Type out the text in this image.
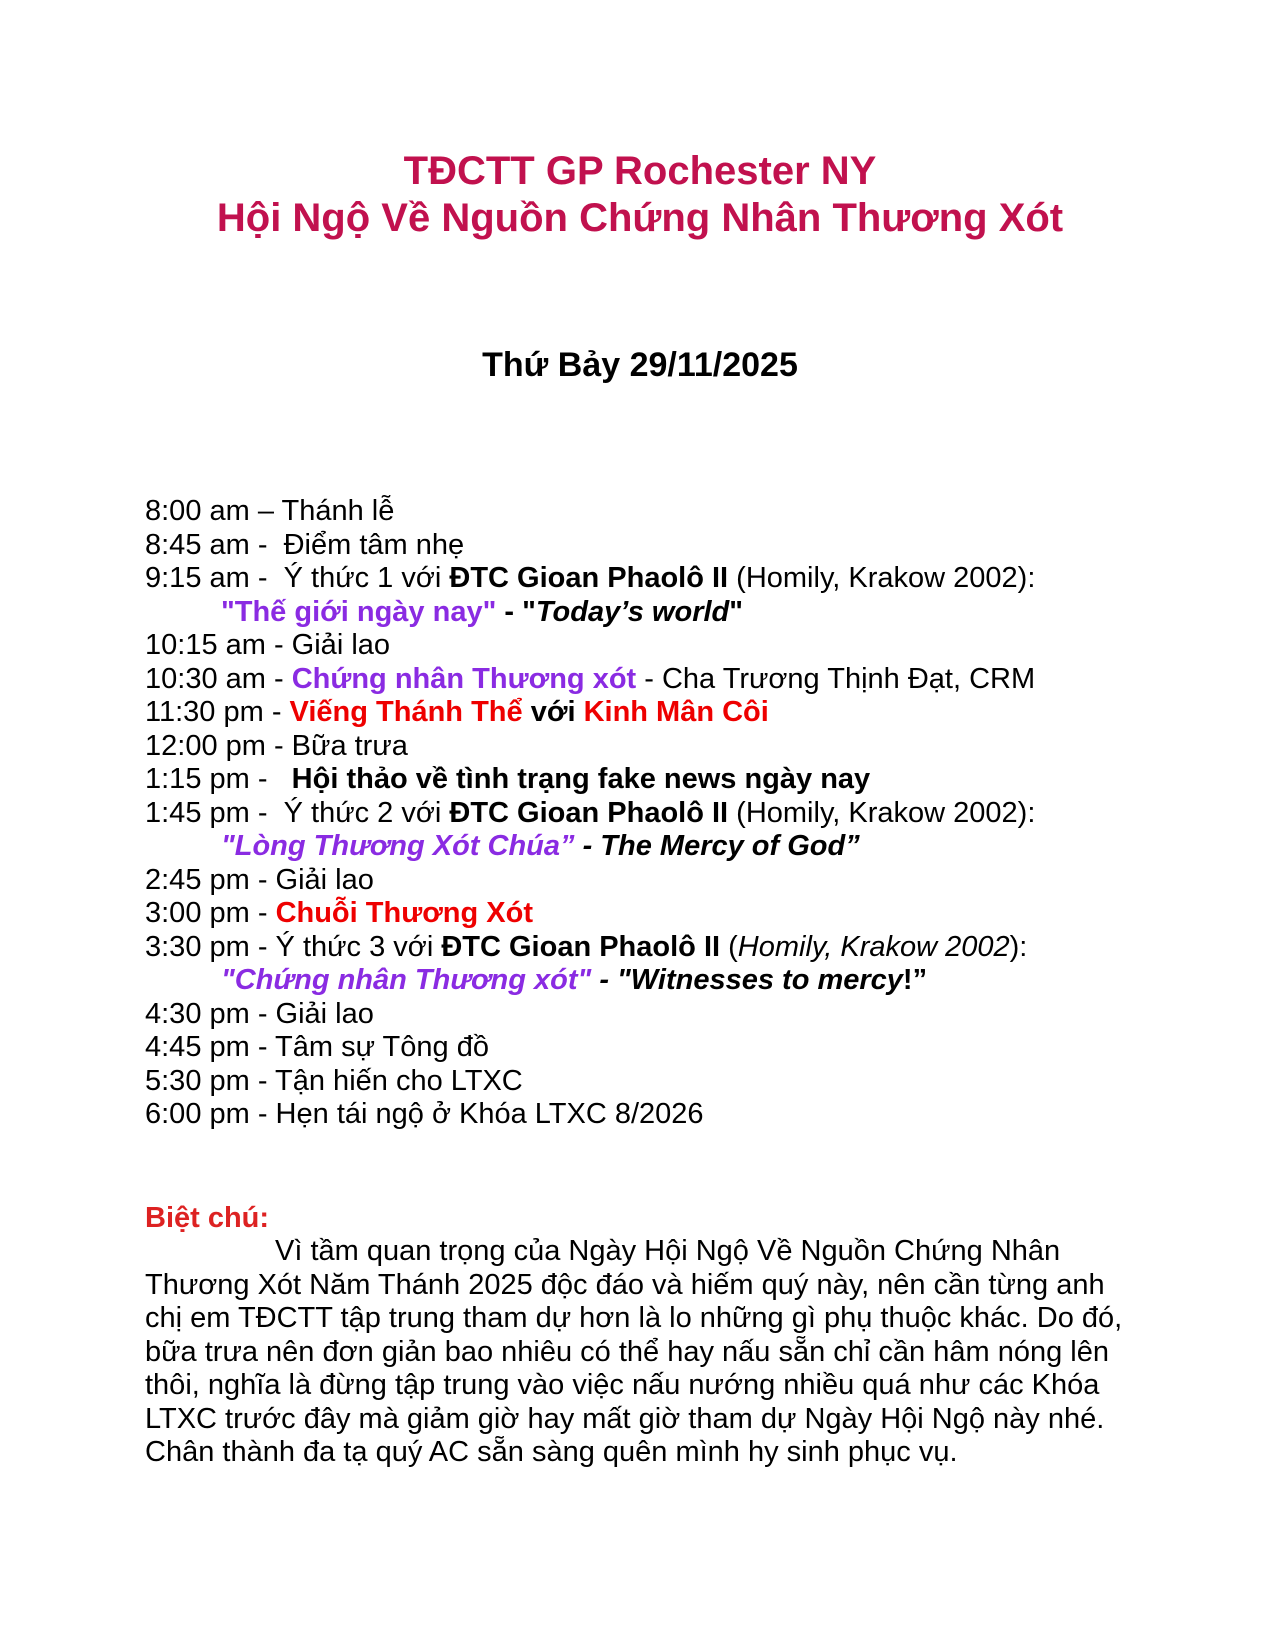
TĐCTT GP Rochester NY
Hội Ngộ Về Nguồn Chứng Nhân Thương Xót
Thứ Bảy 29/11/2025
8:00 am – Thánh lễ
8:45 am -  Điểm tâm nhẹ
9:15 am -  Ý thức 1 với ĐTC Gioan Phaolô II (Homily, Krakow 2002):
"Thế giới ngày nay" - "Today’s world"
10:15 am - Giải lao
10:30 am - Chứng nhân Thương xót - Cha Trương Thịnh Đạt, CRM
11:30 pm - Viếng Thánh Thể với Kinh Mân Côi
12:00 pm - Bữa trưa
1:15 pm -   Hội thảo về tình trạng fake news ngày nay
1:45 pm -  Ý thức 2 với ĐTC Gioan Phaolô II (Homily, Krakow 2002):
"Lòng Thương Xót Chúa” - The Mercy of God”
2:45 pm - Giải lao
3:00 pm - Chuỗi Thương Xót
3:30 pm - Ý thức 3 với ĐTC Gioan Phaolô II (Homily, Krakow 2002):
"Chứng nhân Thương xót" - "Witnesses to mercy!”
4:30 pm - Giải lao
4:45 pm - Tâm sự Tông đồ
5:30 pm - Tận hiến cho LTXC
6:00 pm - Hẹn tái ngộ ở Khóa LTXC 8/2026
Biệt chú:

Vì tầm quan trọng của Ngày Hội Ngộ Về Nguồn Chứng Nhân Thương Xót Năm Thánh 2025 độc đáo và hiếm quý này, nên cần từng anh chị em TĐCTT tập trung tham dự hơn là lo những gì phụ thuộc khác. Do đó, bữa trưa nên đơn giản bao nhiêu có thể hay nấu sẵn chỉ cần hâm nóng lên thôi, nghĩa là đừng tập trung vào việc nấu nướng nhiều quá như các Khóa LTXC trước đây mà giảm giờ hay mất giờ tham dự Ngày Hội Ngộ này nhé. Chân thành đa tạ quý AC sẵn sàng quên mình hy sinh phục vụ.
